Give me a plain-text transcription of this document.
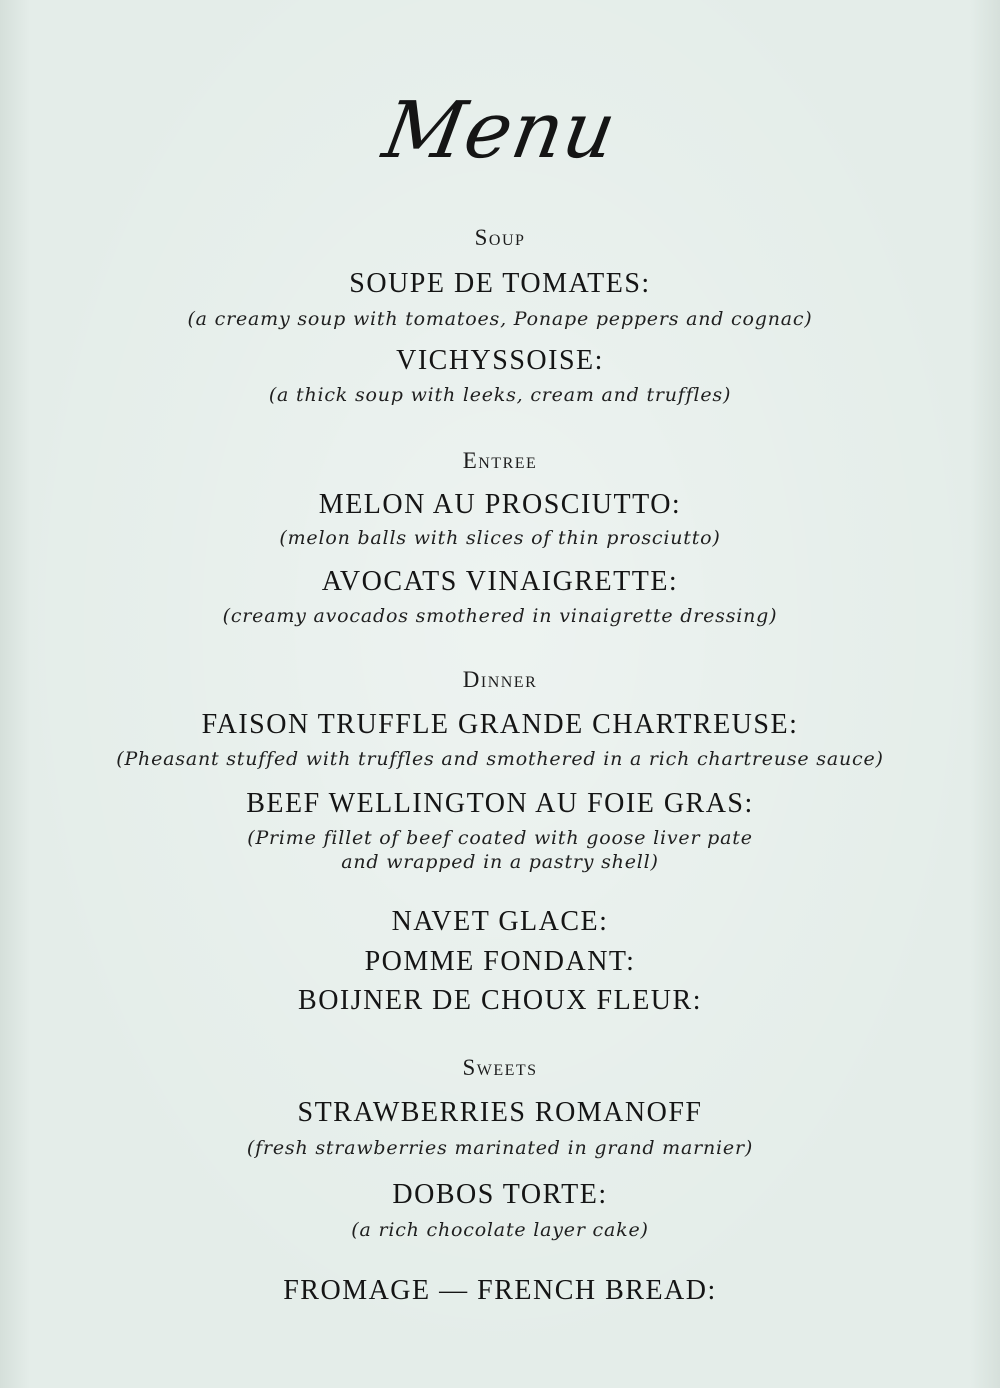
Menu
Soup
SOUPE DE TOMATES:
(a creamy soup with tomatoes, Ponape peppers and cognac)
VICHYSSOISE:
(a thick soup with leeks, cream and truffles)
Entree
MELON AU PROSCIUTTO:
(melon balls with slices of thin prosciutto)
AVOCATS VINAIGRETTE:
(creamy avocados smothered in vinaigrette dressing)
Dinner
FAISON TRUFFLE GRANDE CHARTREUSE:
(Pheasant stuffed with truffles and smothered in a rich chartreuse sauce)
BEEF WELLINGTON AU FOIE GRAS:
(Prime fillet of beef coated with goose liver pate
and wrapped in a pastry shell)
NAVET GLACE:
POMME FONDANT:
BOIJNER DE CHOUX FLEUR:
Sweets
STRAWBERRIES ROMANOFF
(fresh strawberries marinated in grand marnier)
DOBOS TORTE:
(a rich chocolate layer cake)
FROMAGE — FRENCH BREAD:
